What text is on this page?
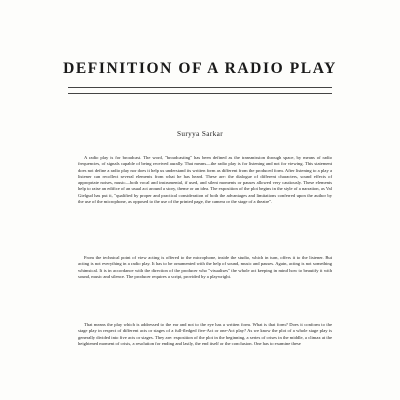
DEFINITION OF A RADIO PLAY
Suryya Sarkar

A radio play is for broadcast. The word, "broadcasting" has been defined as the transmission through space, by means of radio frequencies, of signals capable of being received aurally. That means—the radio play is for listening and not for viewing. This statement does not define a radio play nor does it help us understand its written form as different from the produced form. After listening to a play a listener can recollect several elements from what he has heard. These are: the dialogue of different characters, sound effects of appropriate noises, music—both vocal and instrumental, if used, and silent moments or pauses allowed very cautiously. These elements help to raise an edifice of an usual act around a story, theme or an idea. The exposition of the plot begins in the style of a narration, as Val Gielgud has put it, "qualified by proper and practical consideration of both the advantages and limitations conferred upon the author by the use of the microphone, as opposed to the use of the printed page, the camera or the stage of a theatre".

From the technical point of view acting is offered to the microphone, inside the studio, which in turn, offers it to the listener. But acting is not everything in a radio play. It has to be ornamented with the help of sound, music and pauses. Again, acting is not something whimsical. It is in accordance with the direction of the producer who "visualises" the whole act keeping in mind how to beautify it with sound, music and silence. The producer requires a script, provided by a playwright.

That means the play which is addressed to the ear and not to the eye has a written form. What is that form? Does it conform to the stage play in respect of different acts or stages of a full-fledged five-Act or one-Act play? As we know the plot of a whole stage play is generally divided into five acts or stages. They are: exposition of the plot in the beginning, a series of crises in the middle, a climax at the heightened moment of crisis, a resolution for ending and lastly, the end itself or the conclusion. One has to examine these
